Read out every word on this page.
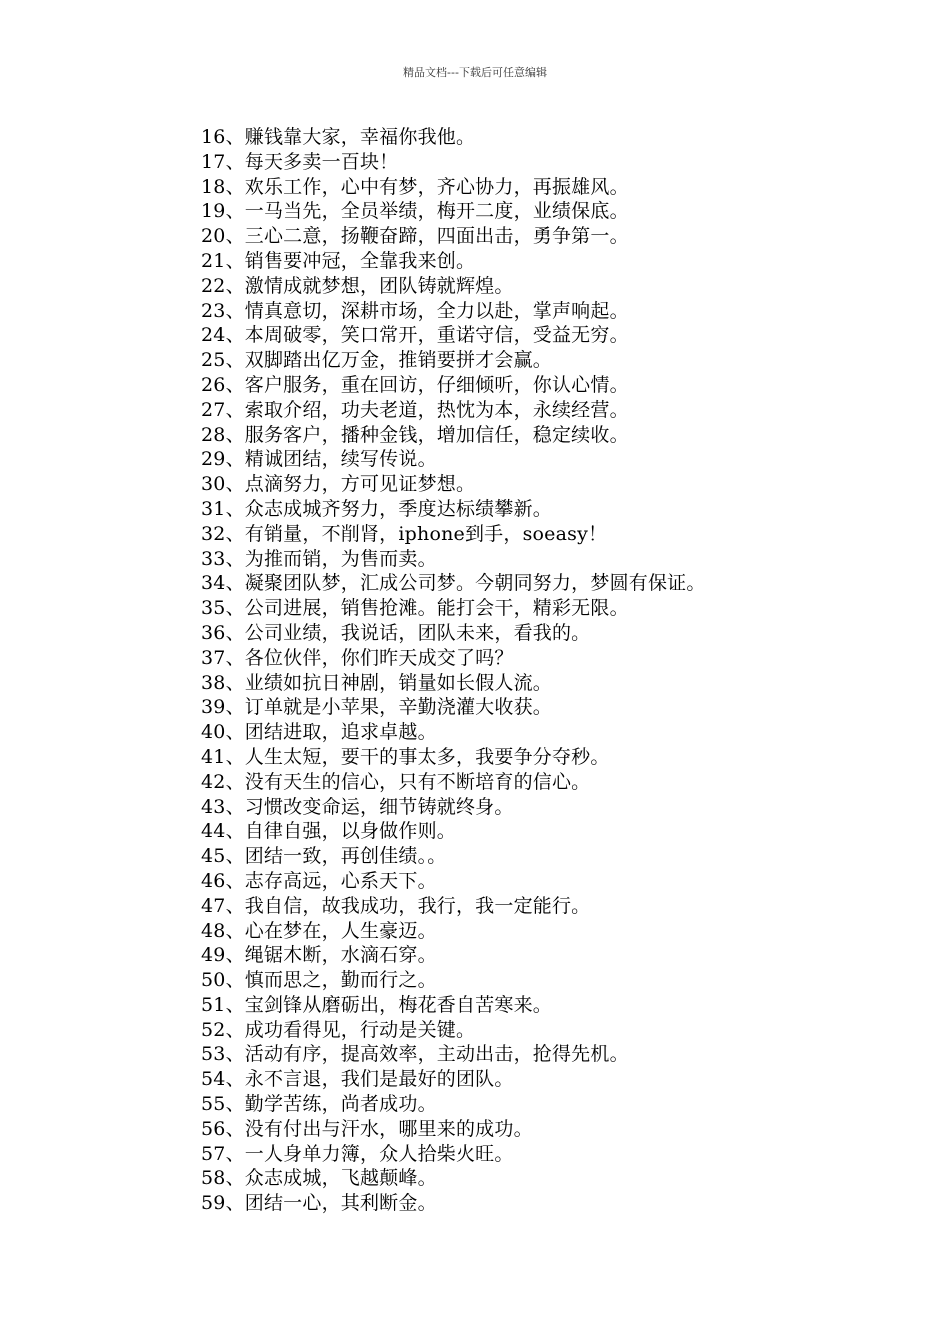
精品文档---下载后可任意编辑
16、赚钱靠大家，幸福你我他。
17、每天多卖一百块！
18、欢乐工作，心中有梦，齐心协力，再振雄风。
19、一马当先，全员举绩，梅开二度，业绩保底。
20、三心二意，扬鞭奋蹄，四面出击，勇争第一。
21、销售要冲冠，全靠我来创。
22、激情成就梦想，团队铸就辉煌。
23、情真意切，深耕市场，全力以赴，掌声响起。
24、本周破零，笑口常开，重诺守信，受益无穷。
25、双脚踏出亿万金，推销要拼才会赢。
26、客户服务，重在回访，仔细倾听，你认心情。
27、索取介绍，功夫老道，热忱为本，永续经营。
28、服务客户，播种金钱，增加信任，稳定续收。
29、精诚团结，续写传说。
30、点滴努力，方可见证梦想。
31、众志成城齐努力，季度达标绩攀新。
32、有销量，不削肾，iphone到手，soeasy！
33、为推而销，为售而卖。
34、凝聚团队梦，汇成公司梦。今朝同努力，梦圆有保证。
35、公司进展，销售抢滩。能打会干，精彩无限。
36、公司业绩，我说话，团队未来，看我的。
37、各位伙伴，你们昨天成交了吗？
38、业绩如抗日神剧，销量如长假人流。
39、订单就是小苹果，辛勤浇灌大收获。
40、团结进取，追求卓越。
41、人生太短，要干的事太多，我要争分夺秒。
42、没有天生的信心，只有不断培育的信心。
43、习惯改变命运，细节铸就终身。
44、自律自强，以身做作则。
45、团结一致，再创佳绩。。
46、志存高远，心系天下。
47、我自信，故我成功，我行，我一定能行。
48、心在梦在，人生豪迈。
49、绳锯木断，水滴石穿。
50、慎而思之，勤而行之。
51、宝剑锋从磨砺出，梅花香自苦寒来。
52、成功看得见，行动是关键。
53、活动有序，提高效率，主动出击，抢得先机。
54、永不言退，我们是最好的团队。
55、勤学苦练，尚者成功。
56、没有付出与汗水，哪里来的成功。
57、一人身单力簿，众人拾柴火旺。
58、众志成城，飞越颠峰。
59、团结一心，其利断金。
